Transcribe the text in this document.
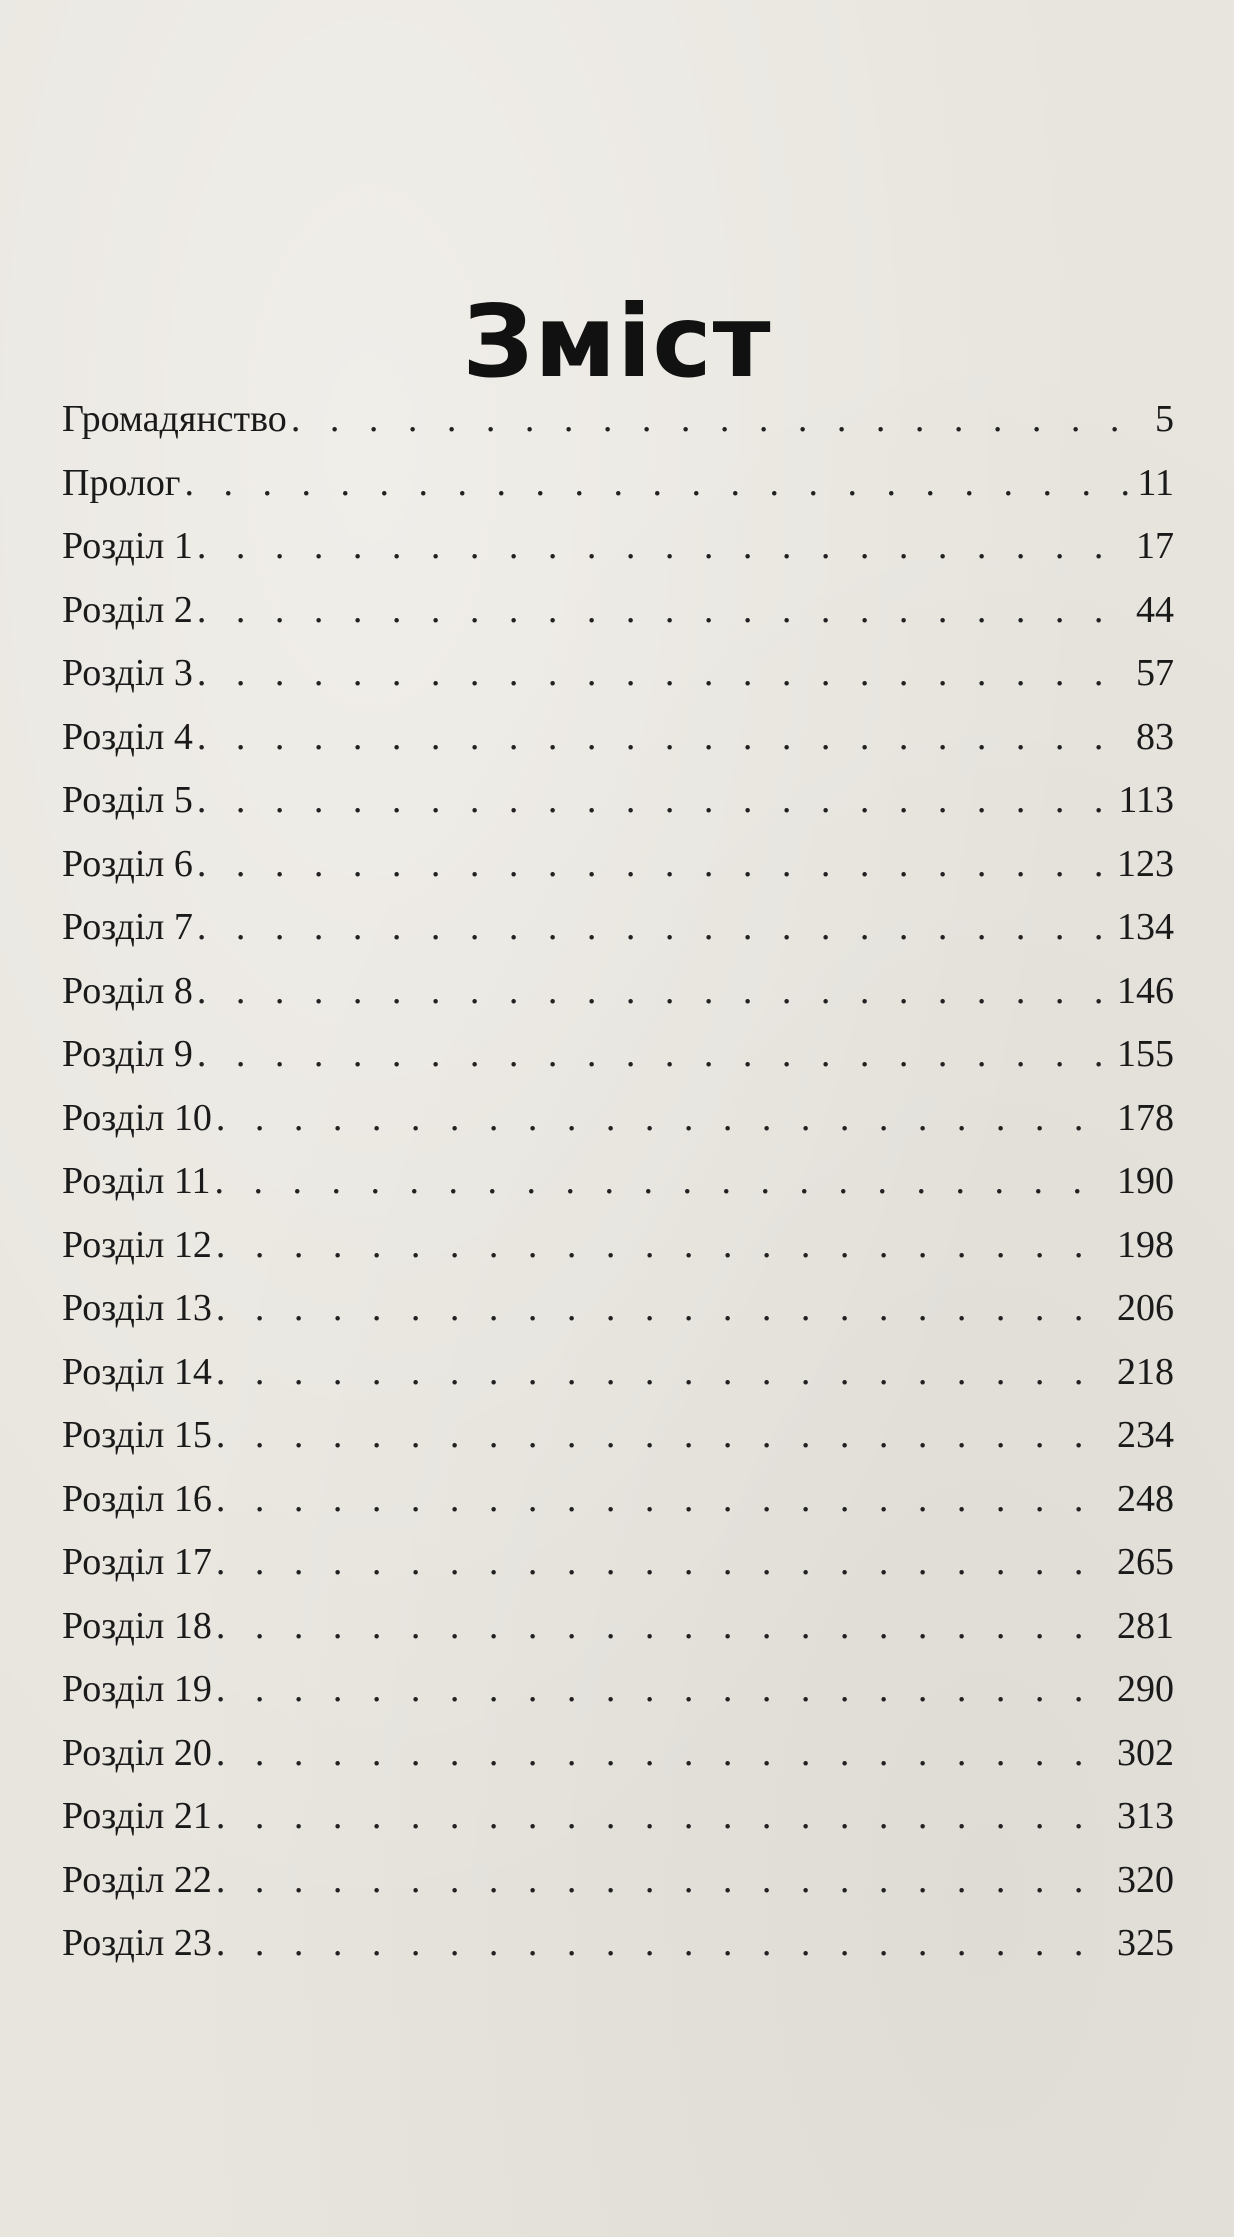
Зміст
Громадянство . . .	5
Пролог . . .	11
Розділ 1 . . .	17
Розділ 2 . . .	44
Розділ 3 . . .	57
Розділ 4 . . .	83
Розділ 5 . . .	113
Розділ 6 . . .	123
Розділ 7 . . .	134
Розділ 8 . . .	146
Розділ 9 . . .	155
Розділ 10 . . .	178
Розділ 11 . . .	190
Розділ 12 . . .	198
Розділ 13 . . .	206
Розділ 14 . . .	218
Розділ 15 . . .	234
Розділ 16 . . .	248
Розділ 17 . . .	265
Розділ 18 . . .	281
Розділ 19 . . .	290
Розділ 20 . . .	302
Розділ 21 . . .	313
Розділ 22 . . .	320
Розділ 23 . . .	325
